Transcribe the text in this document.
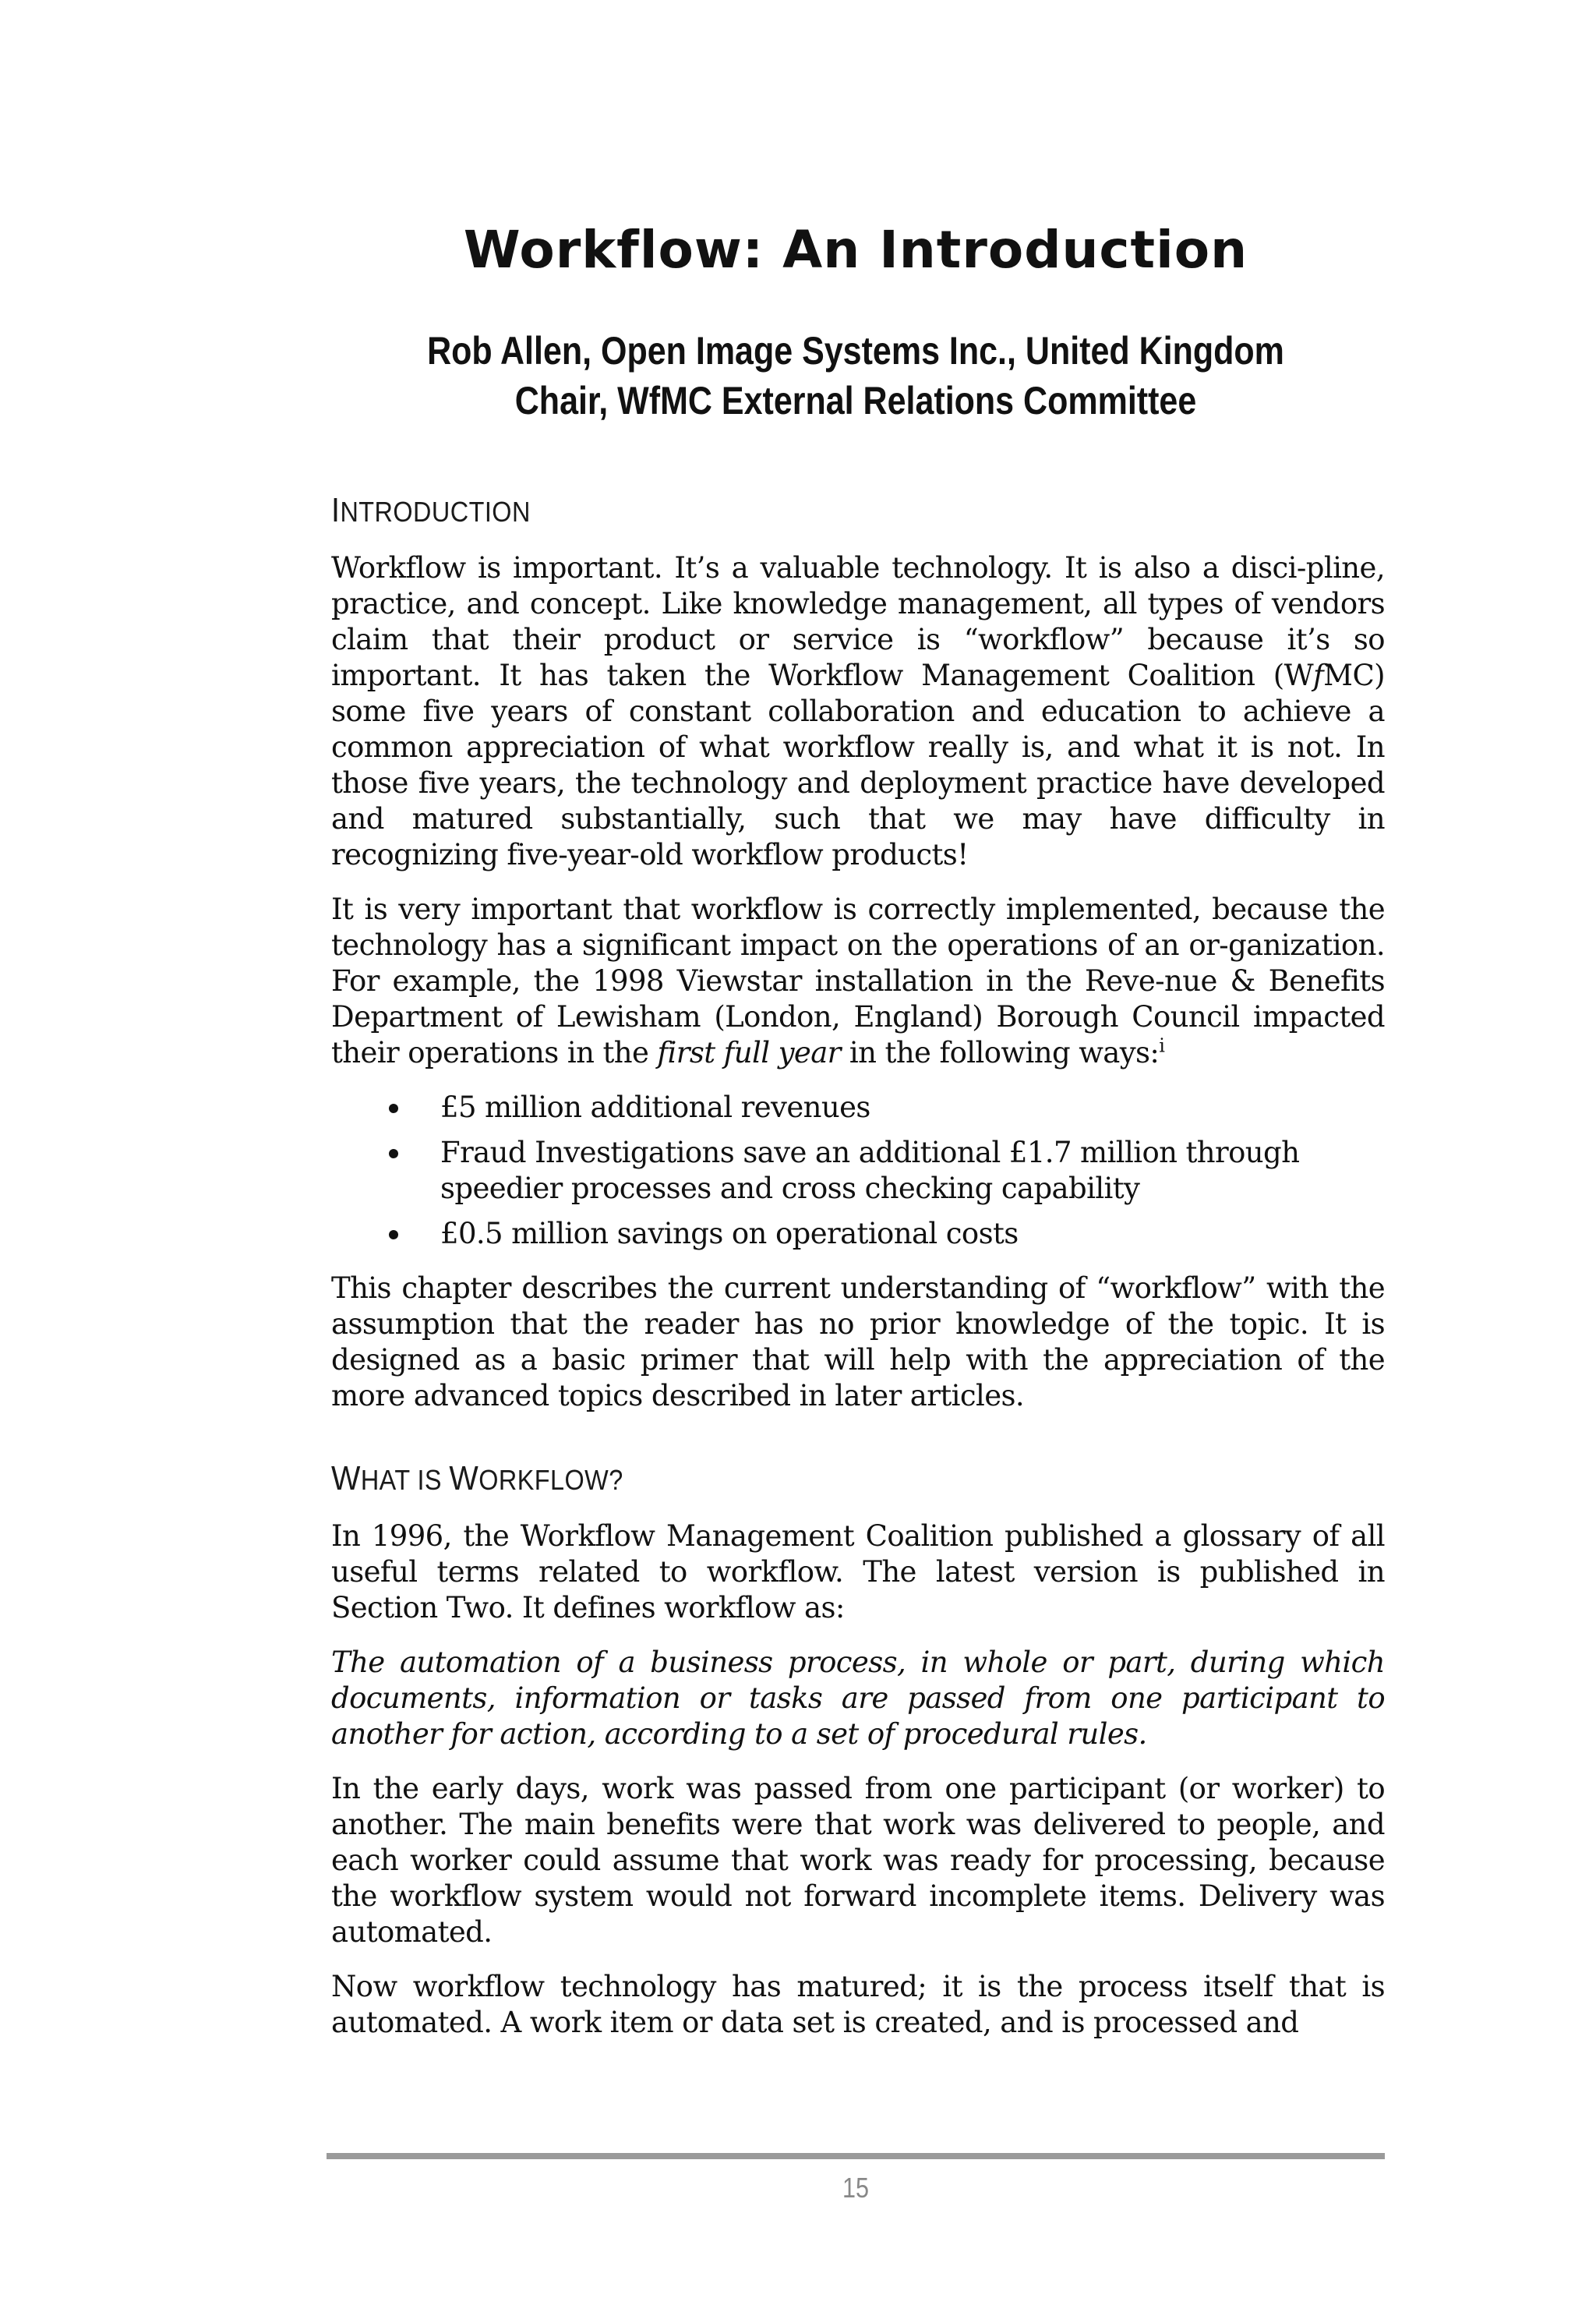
Workflow: An Introduction
Rob Allen, Open Image Systems Inc., United Kingdom
Chair, WfMC External Relations Committee
INTRODUCTION

Workflow is important. It’s a valuable technology. It is also a disci-pline, practice, and concept. Like knowledge management, all types of vendors claim that their product or service is “workflow” because it’s so important. It has taken the Workflow Management Coalition (WfMC) some five years of constant collaboration and education to achieve a common appreciation of what workflow really is, and what it is not. In those five years, the technology and deployment practice have developed and matured substantially, such that we may have difficulty in recognizing five-year-old workflow products!

It is very important that workflow is correctly implemented, because the technology has a significant impact on the operations of an or-ganization. For example, the 1998 Viewstar installation in the Reve-nue & Benefits Department of Lewisham (London, England) Borough Council impacted their operations in the first full year in the following ways:$^i$

£5 million additional revenues
Fraud Investigations save an additional £1.7 million through speedier processes and cross checking capability
£0.5 million savings on operational costs

This chapter describes the current understanding of “workflow” with the assumption that the reader has no prior knowledge of the topic. It is designed as a basic primer that will help with the appreciation of the more advanced topics described in later articles.

WHAT IS WORKFLOW?

In 1996, the Workflow Management Coalition published a glossary of all useful terms related to workflow. The latest version is published in Section Two. It defines workflow as:

The automation of a business process, in whole or part, during which documents, information or tasks are passed from one participant to another for action, according to a set of procedural rules.

In the early days, work was passed from one participant (or worker) to another. The main benefits were that work was delivered to people, and each worker could assume that work was ready for processing, because the workflow system would not forward incomplete items. Delivery was automated.

Now workflow technology has matured; it is the process itself that is automated. A work item or data set is created, and is processed and

15
